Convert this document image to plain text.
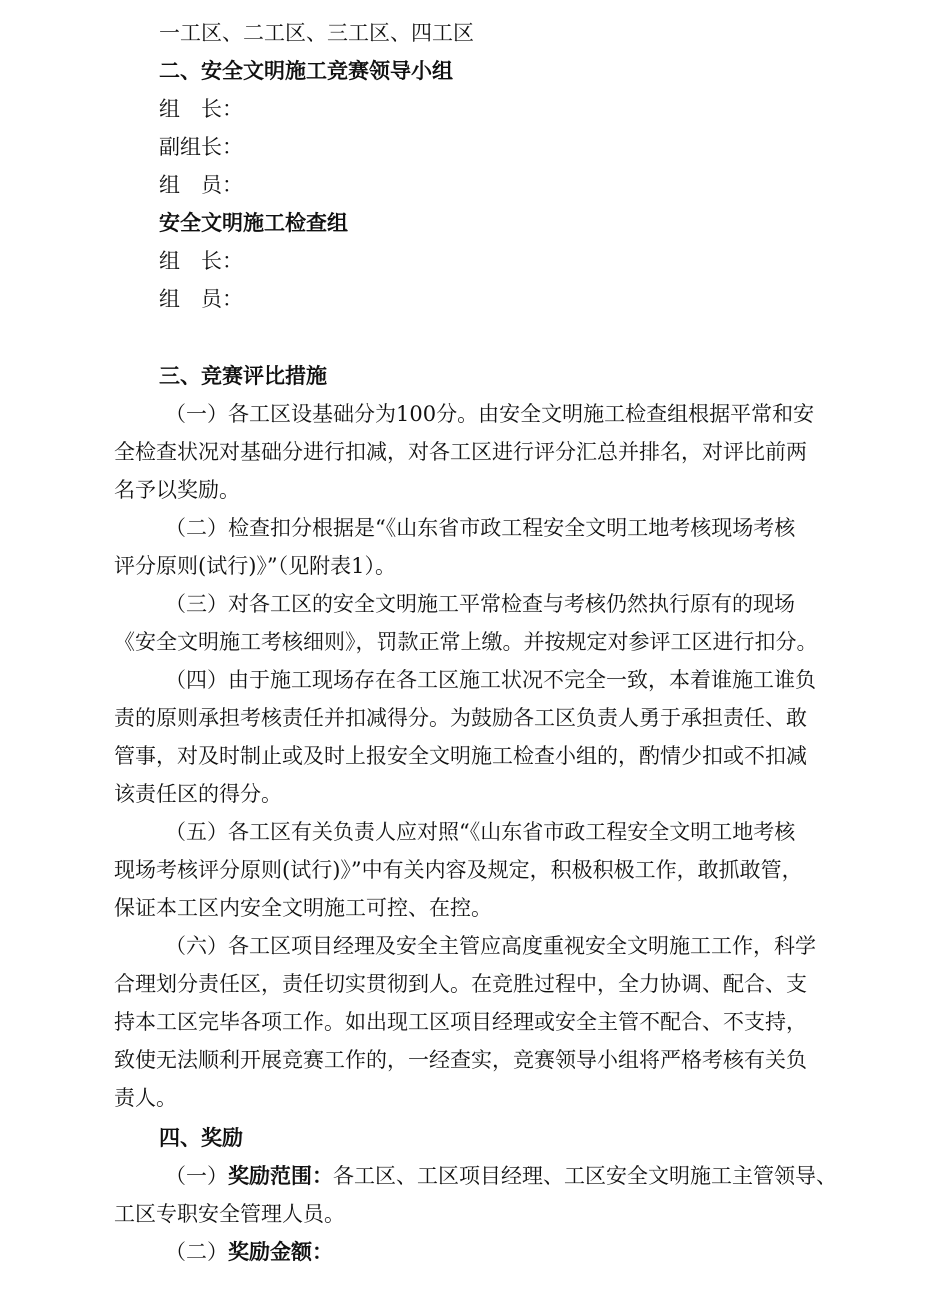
一工区、二工区、三工区、四工区
二、安全文明施工竞赛领导小组
组　长：
副组长：
组　员：
安全文明施工检查组
组　长：
组　员：
三、竞赛评比措施
（一）各工区设基础分为100分。由安全文明施工检查组根据平常和安
全检查状况对基础分进行扣减，对各工区进行评分汇总并排名，对评比前两
名予以奖励。
（二）检查扣分根据是“《山东省市政工程安全文明工地考核现场考核
评分原则(试行)》”（见附表1）。
（三）对各工区的安全文明施工平常检查与考核仍然执行原有的现场
《安全文明施工考核细则》，罚款正常上缴。并按规定对参评工区进行扣分。
（四）由于施工现场存在各工区施工状况不完全一致，本着谁施工谁负
责的原则承担考核责任并扣减得分。为鼓励各工区负责人勇于承担责任、敢
管事，对及时制止或及时上报安全文明施工检查小组的，酌情少扣或不扣减
该责任区的得分。
（五）各工区有关负责人应对照“《山东省市政工程安全文明工地考核
现场考核评分原则(试行)》”中有关内容及规定，积极积极工作，敢抓敢管，
保证本工区内安全文明施工可控、在控。
（六）各工区项目经理及安全主管应高度重视安全文明施工工作，科学
合理划分责任区，责任切实贯彻到人。在竞胜过程中，全力协调、配合、支
持本工区完毕各项工作。如出现工区项目经理或安全主管不配合、不支持，
致使无法顺利开展竞赛工作的，一经查实，竞赛领导小组将严格考核有关负
责人。
四、奖励
（一）奖励范围：各工区、工区项目经理、工区安全文明施工主管领导、
工区专职安全管理人员。
（二）奖励金额：
